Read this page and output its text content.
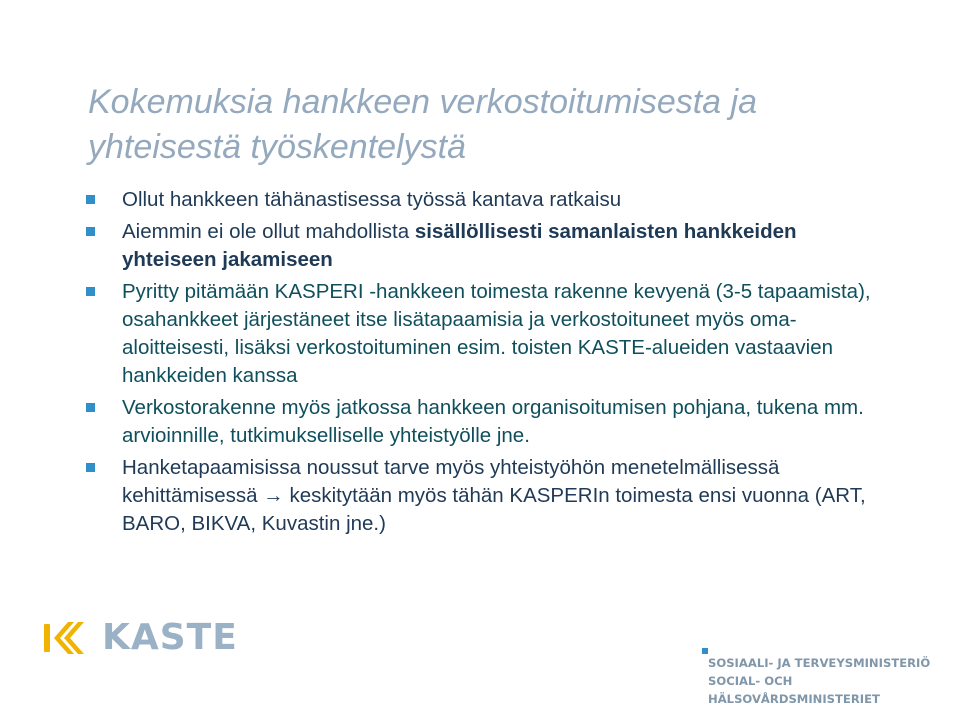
Kokemuksia hankkeen verkostoitumisesta ja yhteisestä työskentelystä
Ollut hankkeen tähänastisessa työssä kantava ratkaisu
Aiemmin ei ole ollut mahdollista sisällöllisesti samanlaisten hankkeiden yhteiseen jakamiseen
Pyritty pitämään KASPERI -hankkeen toimesta rakenne kevyenä (3-5 tapaamista), osahankkeet järjestäneet itse lisätapaamisia ja verkostoituneet myös oma-aloitteisesti, lisäksi verkostoituminen esim. toisten KASTE-alueiden vastaavien hankkeiden kanssa
Verkostorakenne myös jatkossa hankkeen organisoitumisen pohjana, tukena mm. arvioinnille, tutkimukselliselle yhteistyölle jne.
Hanketapaamisissa noussut tarve myös yhteistyöhön menetelmällisessä kehittämisessä → keskitytään myös tähän KASPERIn toimesta ensi vuonna (ART, BARO, BIKVA, Kuvastin jne.)
KASTE
SOSIAALI- JA TERVEYSMINISTERIÖ
SOCIAL- OCH HÄLSOVÅRDSMINISTERIET
